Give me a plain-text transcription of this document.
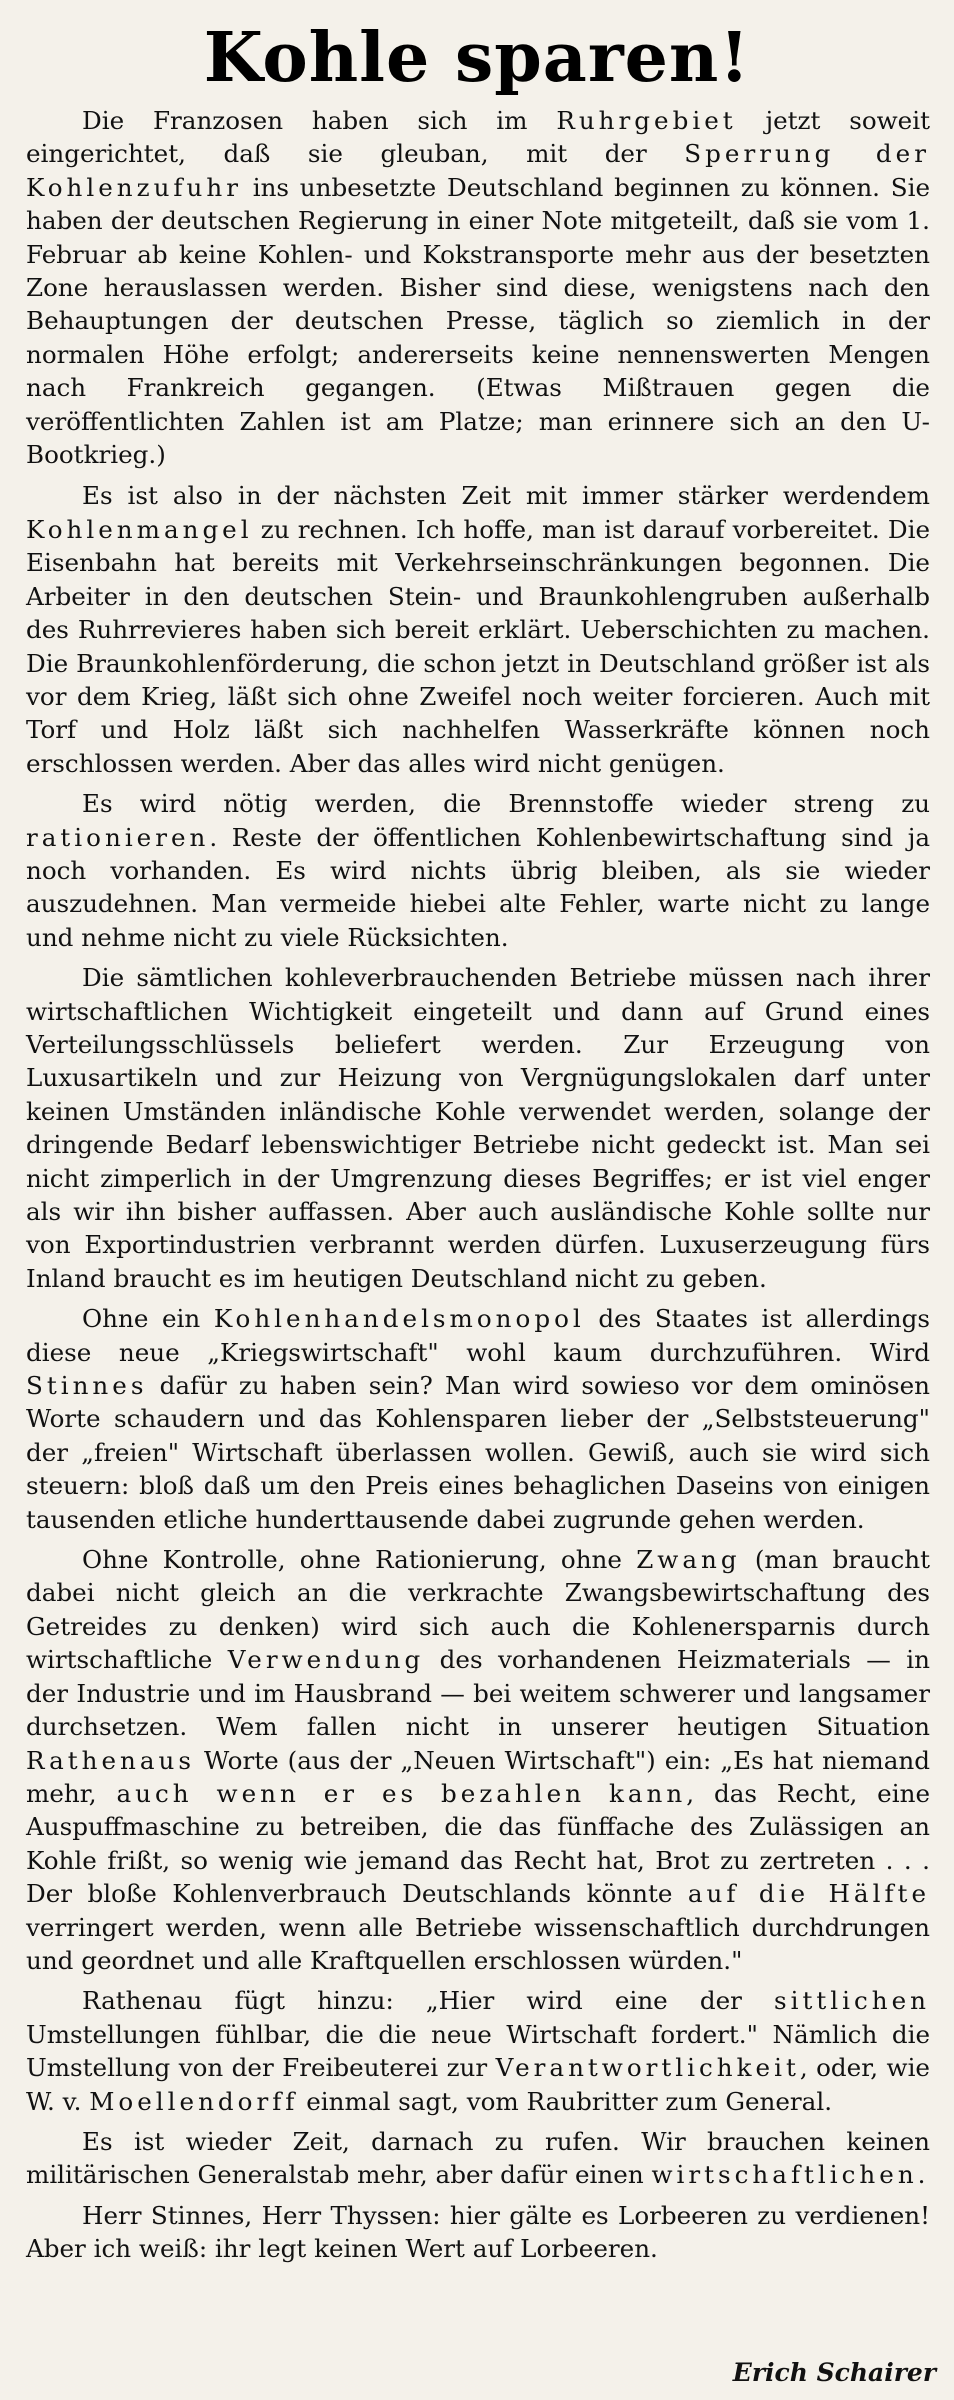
Kohle sparen!

Die Franzosen haben sich im Ruhrgebiet jetzt soweit eingerichtet, daß sie gleuban, mit der Sperrung der Kohlenzufuhr ins unbesetzte Deutschland beginnen zu können. Sie haben der deutschen Regierung in einer Note mitgeteilt, daß sie vom 1. Februar ab keine Kohlen- und Kokstransporte mehr aus der besetzten Zone herauslassen werden. Bisher sind diese, wenigstens nach den Behauptungen der deutschen Presse, täglich so ziemlich in der normalen Höhe erfolgt; andererseits keine nennenswerten Mengen nach Frankreich gegangen. (Etwas Mißtrauen gegen die veröffentlichten Zahlen ist am Platze; man erinnere sich an den U-Bootkrieg.)

Es ist also in der nächsten Zeit mit immer stärker werdendem Kohlenmangel zu rechnen. Ich hoffe, man ist darauf vorbereitet. Die Eisenbahn hat bereits mit Verkehrseinschränkungen begonnen. Die Arbeiter in den deutschen Stein- und Braunkohlengruben außerhalb des Ruhrrevieres haben sich bereit erklärt. Ueberschichten zu machen. Die Braunkohlenförderung, die schon jetzt in Deutschland größer ist als vor dem Krieg, läßt sich ohne Zweifel noch weiter forcieren. Auch mit Torf und Holz läßt sich nachhelfen Wasserkräfte können noch erschlossen werden. Aber das alles wird nicht genügen.

Es wird nötig werden, die Brennstoffe wieder streng zu rationieren. Reste der öffentlichen Kohlenbewirtschaftung sind ja noch vorhanden. Es wird nichts übrig bleiben, als sie wieder auszudehnen. Man vermeide hiebei alte Fehler, warte nicht zu lange und nehme nicht zu viele Rücksichten.

Die sämtlichen kohleverbrauchenden Betriebe müssen nach ihrer wirtschaftlichen Wichtigkeit eingeteilt und dann auf Grund eines Verteilungsschlüssels beliefert werden. Zur Erzeugung von Luxusartikeln und zur Heizung von Vergnügungslokalen darf unter keinen Umständen inländische Kohle verwendet werden, solange der dringende Bedarf lebenswichtiger Betriebe nicht gedeckt ist. Man sei nicht zimperlich in der Umgrenzung dieses Begriffes; er ist viel enger als wir ihn bisher auffassen. Aber auch ausländische Kohle sollte nur von Exportindustrien verbrannt werden dürfen. Luxuserzeugung fürs Inland braucht es im heutigen Deutschland nicht zu geben.

Ohne ein Kohlenhandelsmonopol des Staates ist allerdings diese neue „Kriegswirtschaft" wohl kaum durchzuführen. Wird Stinnes dafür zu haben sein? Man wird sowieso vor dem ominösen Worte schaudern und das Kohlensparen lieber der „Selbststeuerung" der „freien" Wirtschaft überlassen wollen. Gewiß, auch sie wird sich steuern: bloß daß um den Preis eines behaglichen Daseins von einigen tausenden etliche hunderttausende dabei zugrunde gehen werden.

Ohne Kontrolle, ohne Rationierung, ohne Zwang (man braucht dabei nicht gleich an die verkrachte Zwangsbewirtschaftung des Getreides zu denken) wird sich auch die Kohlenersparnis durch wirtschaftliche Verwendung des vorhandenen Heizmaterials — in der Industrie und im Hausbrand — bei weitem schwerer und langsamer durchsetzen. Wem fallen nicht in unserer heutigen Situation Rathenaus Worte (aus der „Neuen Wirtschaft") ein: „Es hat niemand mehr, auch wenn er es bezahlen kann, das Recht, eine Auspuffmaschine zu betreiben, die das fünffache des Zulässigen an Kohle frißt, so wenig wie jemand das Recht hat, Brot zu zertreten . . . Der bloße Kohlenverbrauch Deutschlands könnte auf die Hälfte verringert werden, wenn alle Betriebe wissenschaftlich durchdrungen und geordnet und alle Kraftquellen erschlossen würden."

Rathenau fügt hinzu: „Hier wird eine der sittlichen Umstellungen fühlbar, die die neue Wirtschaft fordert." Nämlich die Umstellung von der Freibeuterei zur Verantwortlichkeit, oder, wie W. v. Moellendorff einmal sagt, vom Raubritter zum General.

Es ist wieder Zeit, darnach zu rufen. Wir brauchen keinen militärischen Generalstab mehr, aber dafür einen wirtschaftlichen.

Herr Stinnes, Herr Thyssen: hier gälte es Lorbeeren zu verdienen! Aber ich weiß: ihr legt keinen Wert auf Lorbeeren.

Erich Schairer
